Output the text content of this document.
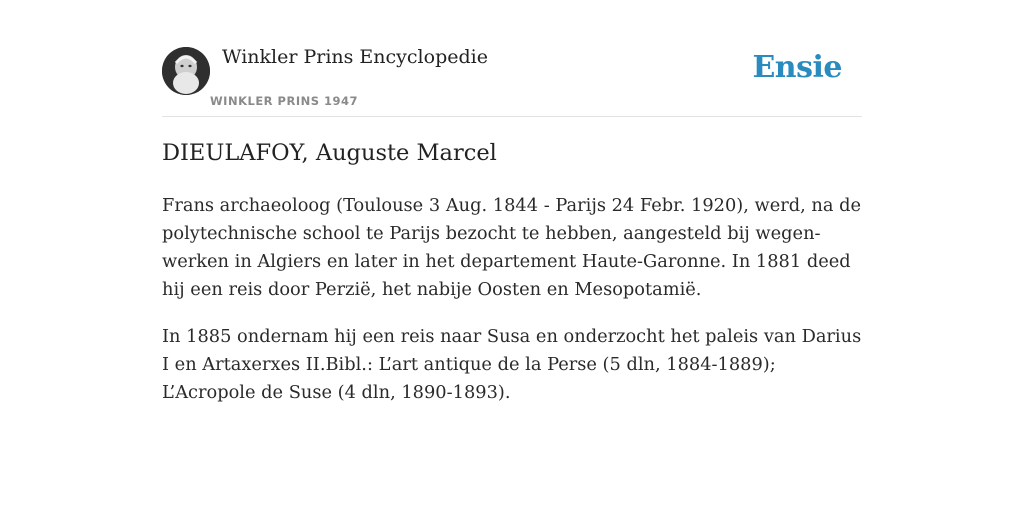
Winkler Prins Encyclopedie
WINKLER PRINS 1947
Ensie
DIEULAFOY, Auguste Marcel

Frans archaeoloog (Toulouse 3 Aug. 1844 - Parijs 24 Febr. 1920), werd, na de polytechnische school te Parijs bezocht te hebben, aangesteld bij wegen-werken in Algiers en later in het departement Haute-Garonne. In 1881 deed hij een reis door Perzië, het nabije Oosten en Mesopotamië.

In 1885 ondernam hij een reis naar Susa en onderzocht het paleis van Darius I en Artaxerxes II.Bibl.: L’art antique de la Perse (5 dln, 1884-1889); L’Acropole de Suse (4 dln, 1890-1893).
